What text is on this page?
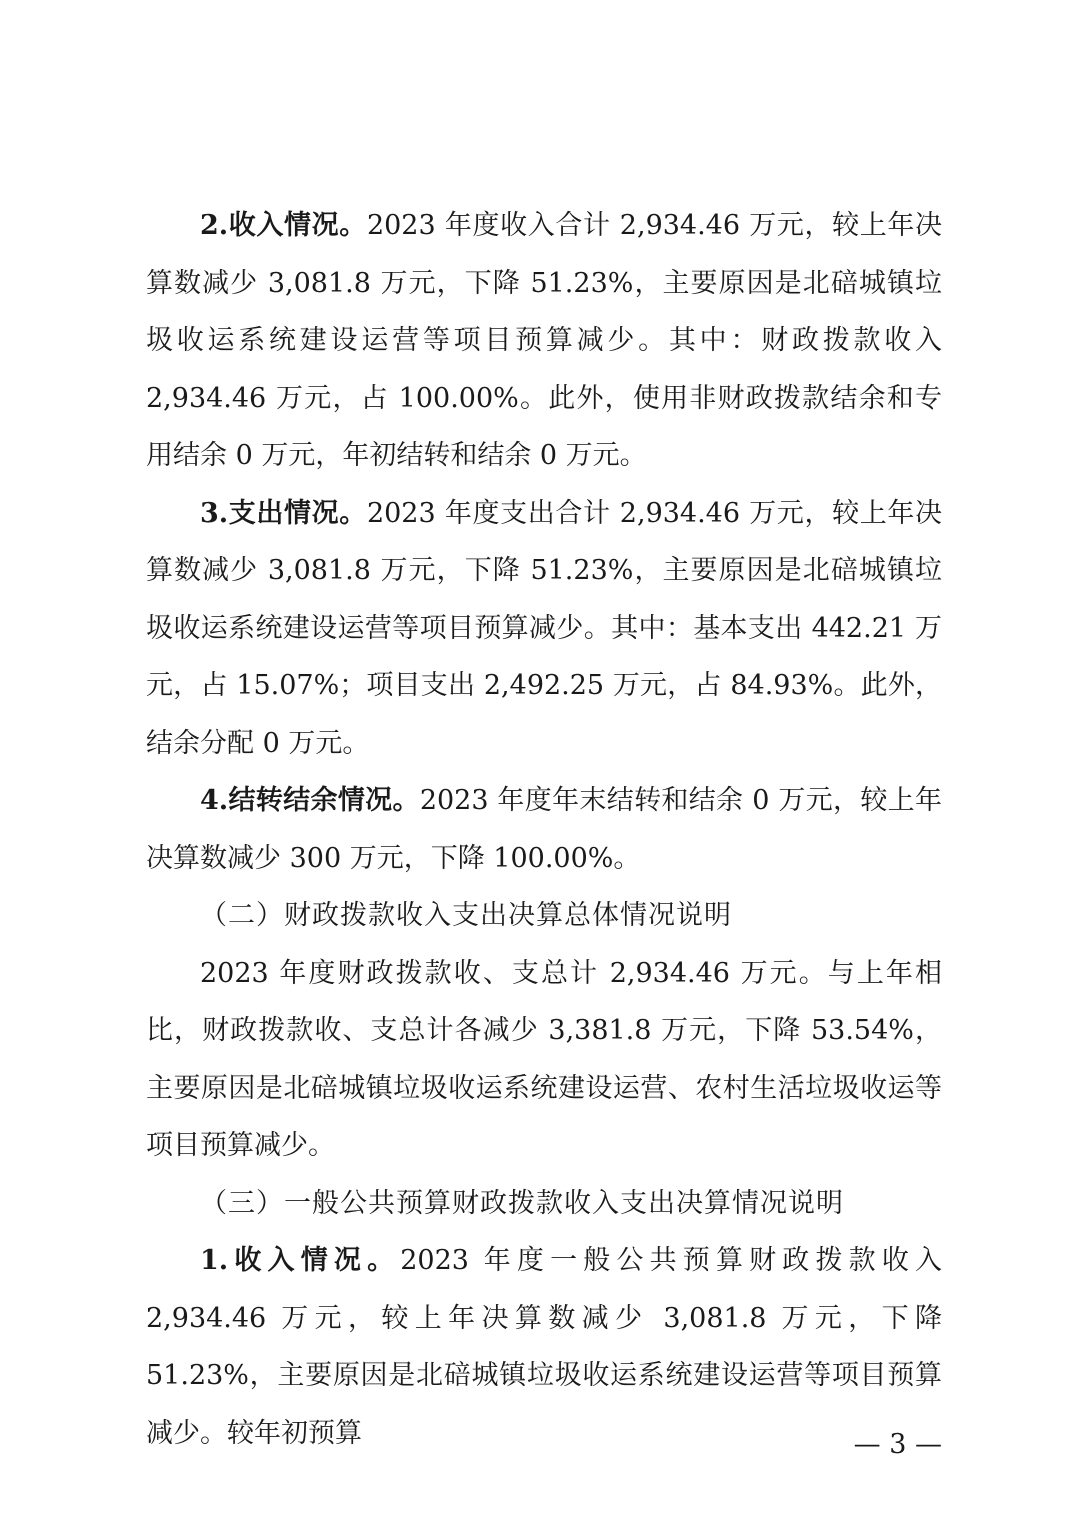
2.收入情况。2023 年度收入合计 2,934.46 万元，较上年决算数减少 3,081.8 万元，下降 51.23%，主要原因是北碚城镇垃圾收运系统建设运营等项目预算减少。其中：财政拨款收入 2,934.46 万元，占 100.00%。此外，使用非财政拨款结余和专用结余 0 万元，年初结转和结余 0 万元。

3.支出情况。2023 年度支出合计 2,934.46 万元，较上年决算数减少 3,081.8 万元，下降 51.23%，主要原因是北碚城镇垃圾收运系统建设运营等项目预算减少。其中：基本支出 442.21 万元，占 15.07%；项目支出 2,492.25 万元，占 84.93%。此外，结余分配 0 万元。

4.结转结余情况。2023 年度年末结转和结余 0 万元，较上年决算数减少 300 万元，下降 100.00%。

（二）财政拨款收入支出决算总体情况说明

2023 年度财政拨款收、支总计 2,934.46 万元。与上年相比，财政拨款收、支总计各减少 3,381.8 万元，下降 53.54%，主要原因是北碚城镇垃圾收运系统建设运营、农村生活垃圾收运等项目预算减少。

（三）一般公共预算财政拨款收入支出决算情况说明

1.收入情况。2023 年度一般公共预算财政拨款收入 2,934.46 万元，较上年决算数减少 3,081.8 万元，下降 51.23%，主要原因是北碚城镇垃圾收运系统建设运营等项目预算减少。较年初预算	— 3 —
